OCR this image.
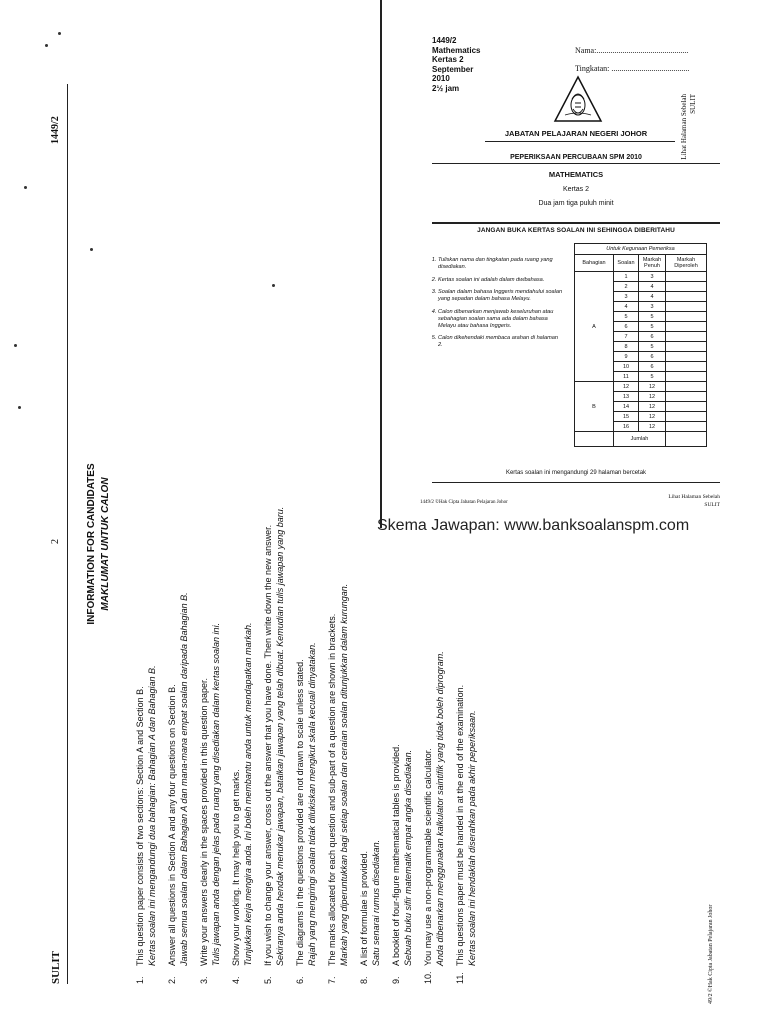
1449/2
Mathematics
Kertas 2
September
2010
2½ jam
Nama:..............................................
Tingkatan: .......................................
JABATAN PELAJARAN NEGERI JOHOR
PEPERIKSAAN PERCUBAAN SPM 2010
MATHEMATICS
Kertas 2
Dua jam tiga puluh minit
JANGAN BUKA KERTAS SOALAN INI SEHINGGA DIBERITAHU
1. Tuliskan nama dan tingkatan pada ruang yang disediakan.
2. Kertas soalan ini adalah dalam dwibahasa.
3. Soalan dalam bahasa Inggeris mendahului soalan yang sepadan dalam bahasa Melayu.
4. Calon dibenarkan menjawab keseluruhan atau sebahagian soalan sama ada dalam bahasa Melayu atau bahasa Inggeris.
5. Calon dikehendaki membaca arahan di halaman 2.
Untuk Kegunaan Pemeriksa			
Bahagian	Soalan	Markah Penuh	Markah Diperoleh
A	1	3	
	2	4	
	3	4	
	4	3	
	5	5	
	6	5	
	7	6	
	8	5	
	9	6	
	10	6	
	11	5	
B	12	12	
	13	12	
	14	12	
	15	12	
	16	12	
	Jumlah		
Kertas soalan ini mengandungi 29 halaman bercetak
1449/2 ©Hak Cipta Jabatan Pelajaran Johor
Lihat Halaman Sebelah
SULIT
Skema Jawapan: www.banksoalanspm.com
SULIT
2
1449/2
INFORMATION FOR CANDIDATES MAKLUMAT UNTUK CALON
1.
This question paper consists of two sections: Section A and Section B. Kertas soalan ini mengandungi dua bahagian: Bahagian A dan Bahagian B.
2.
Answer all questions in Section A and any four questions on Section B. Jawab semua soalan dalam Bahagian A dan mana-mana empat soalan daripada Bahagian B.
3.
Write your answers clearly in the spaces provided in this question paper. Tulis jawapan anda dengan jelas pada ruang yang disediakan dalam kertas soalan ini.
4.
Show your working. It may help you to get marks. Tunjukkan kerja mengira anda. Ini boleh membantu anda untuk mendapatkan markah.
5.
If you wish to change your answer, cross out the answer that you have done. Then write down the new answer. Sekiranya anda hendak menukar jawapan, batalkan jawapan yang telah dibuat. Kemudian tulis jawapan yang baru.
6.
The diagrams in the questions provided are not drawn to scale unless stated. Rajah yang mengiringi soalan tidak dilukiskan mengikut skala kecuali dinyatakan.
7.
The marks allocated for each question and sub-part of a question are shown in brackets. Markah yang diperuntukkan bagi setiap soalan dan ceraian soalan ditunjukkan dalam kurungan.
8.
A list of formulae is provided. Satu senarai rumus disediakan.
9.
A booklet of four-figure mathematical tables is provided. Sebuah buku sifir matematik empat angka disediakan.
10.
You may use a non-programmable scientific calculator. Anda dibenarkan menggunakan kalkulator saintifik yang tidak boleh diprogram.
11.
This questions paper must be handed in at the end of the examination. Kertas soalan ini hendaklah diserahkan pada akhir peperiksaan.	49/2 ©Hak Cipta Jabatan Pelajaran Johor
Lihat Halaman Sebelah SULIT
